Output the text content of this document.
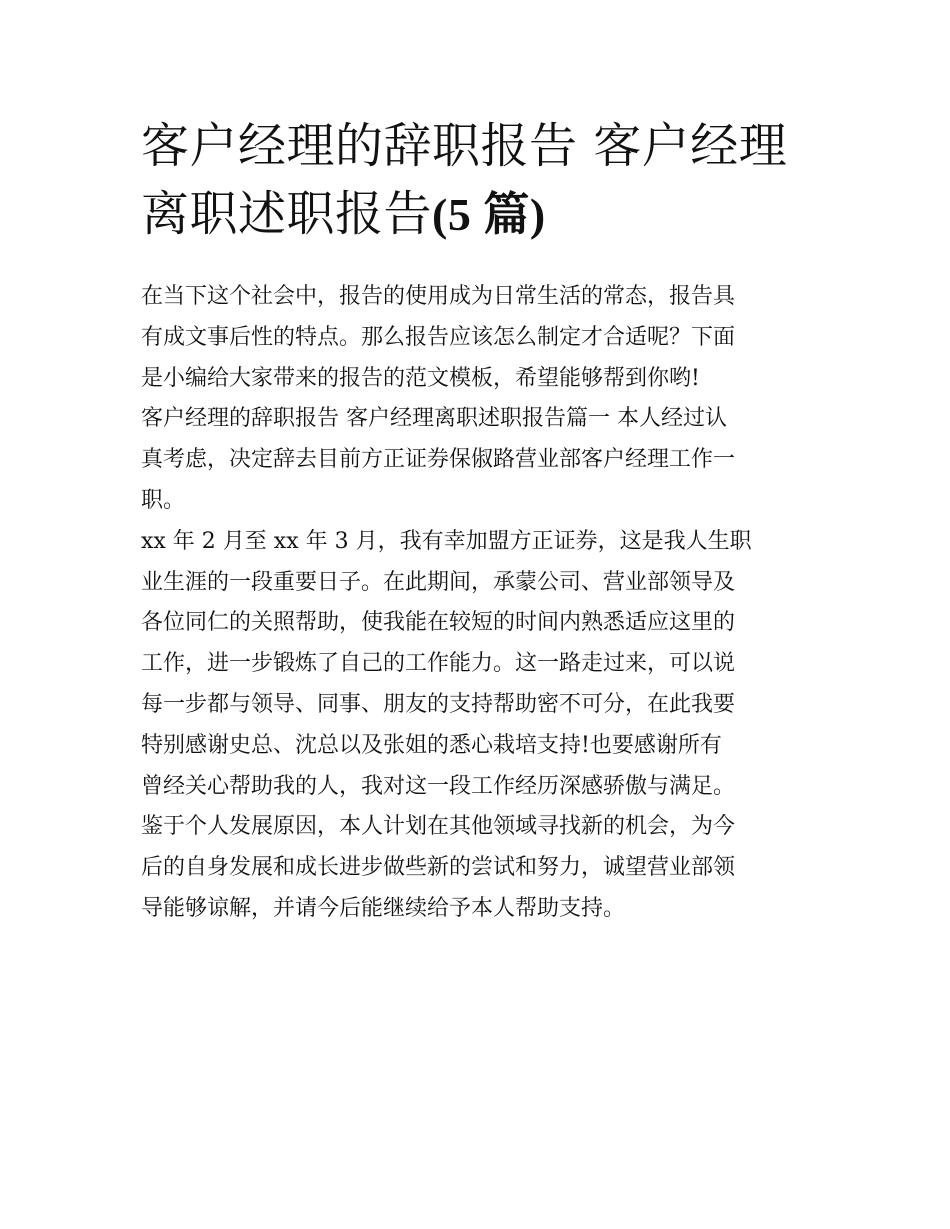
客户经理的辞职报告 客户经理
离职述职报告(5 篇)

在当下这个社会中，报告的使用成为日常生活的常态，报告具
有成文事后性的特点。那么报告应该怎么制定才合适呢？下面
是小编给大家带来的报告的范文模板，希望能够帮到你哟!

客户经理的辞职报告 客户经理离职述职报告篇一 本人经过认
真考虑，决定辞去目前方正证券保俶路营业部客户经理工作一
职。

xx 年 2 月至 xx 年 3 月，我有幸加盟方正证券，这是我人生职
业生涯的一段重要日子。在此期间，承蒙公司、营业部领导及
各位同仁的关照帮助，使我能在较短的时间内熟悉适应这里的
工作，进一步锻炼了自己的工作能力。这一路走过来，可以说
每一步都与领导、同事、朋友的支持帮助密不可分，在此我要
特别感谢史总、沈总以及张姐的悉心栽培支持!也要感谢所有
曾经关心帮助我的人，我对这一段工作经历深感骄傲与满足。

鉴于个人发展原因，本人计划在其他领域寻找新的机会，为今
后的自身发展和成长进步做些新的尝试和努力，诚望营业部领
导能够谅解，并请今后能继续给予本人帮助支持。
